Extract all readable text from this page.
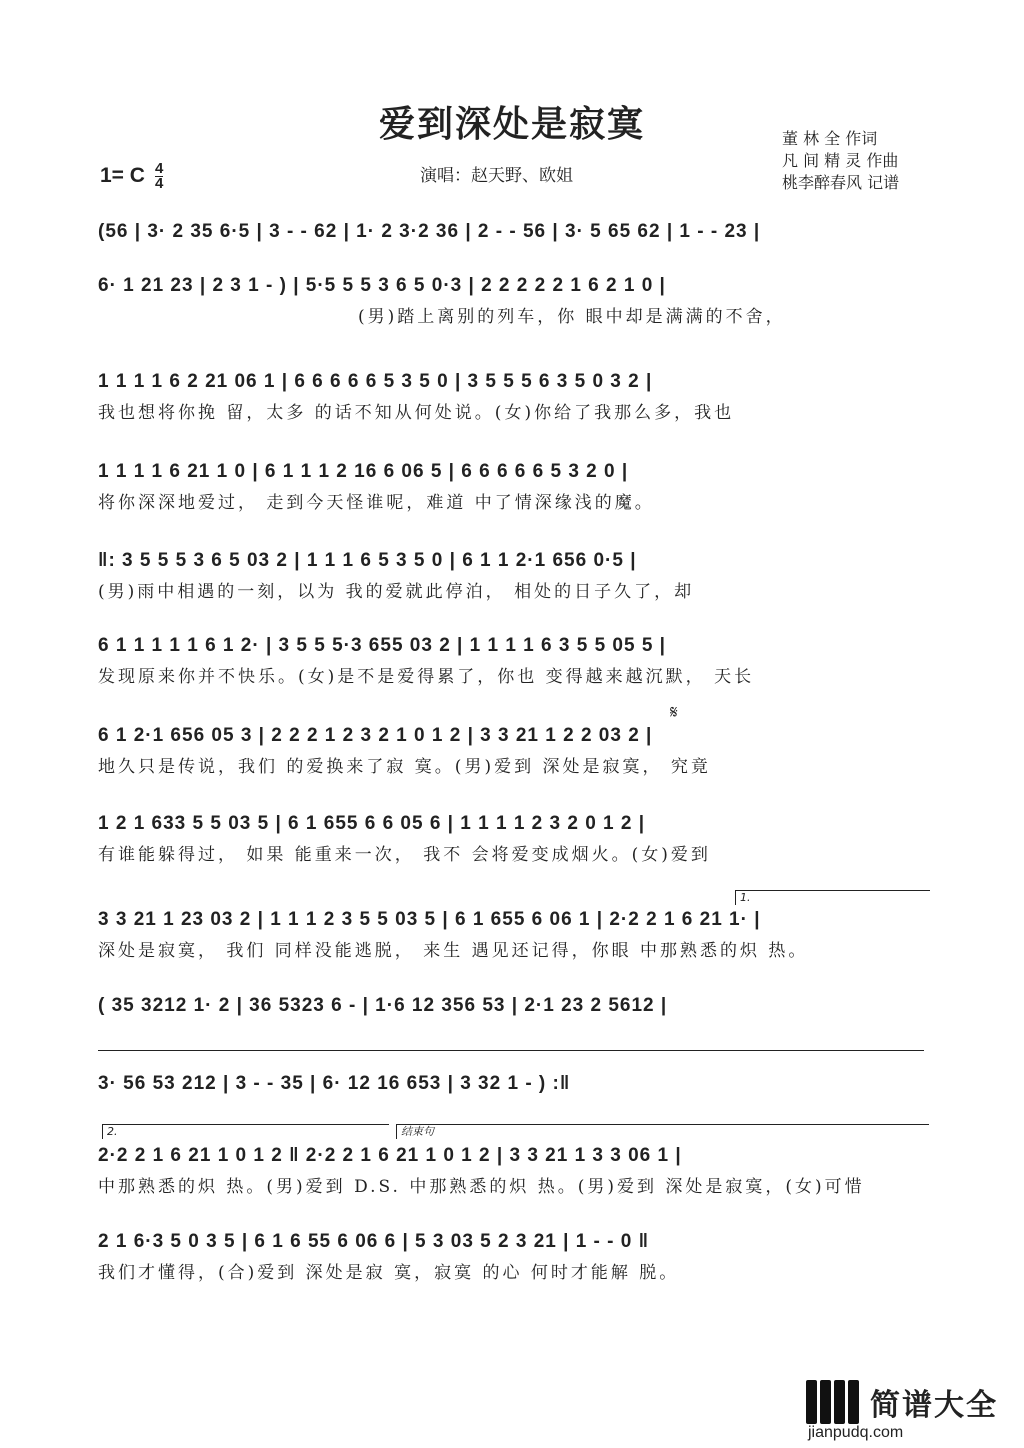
爱到深处是寂寞
1= C 4
4	演唱：赵天野、欧姐
董 林 全 作词
凡 间 精 灵 作曲
桃李醉春风 记谱
(56 | 3· 2 35 6·5 | 3 - - 62 | 1· 2 3·2 36 | 2 - - 56 | 3· 5 65 62 | 1 - - 23 |
6· 1 21 23 | 2 3 1 - ) | 5·5 5 5 3 6 5 0·3 | 2 2 2 2 2 1 6 2 1 0 |
(男)踏上离别的列车，你 眼中却是满满的不舍，
1 1 1 1 6 2 21 06 1 | 6 6 6 6 6 5 3 5 0 | 3 5 5 5 6 3 5 0 3 2 |
我也想将你挽 留，太多 的话不知从何处说。(女)你给了我那么多，我也
1 1 1 1 6 21 1 0 | 6 1 1 1 2 16 6 06 5 | 6 6 6 6 6 5 3 2 0 |
将你深深地爱过， 走到今天怪谁呢，难道 中了情深缘浅的魔。
‖: 3 5 5 5 3 6 5 03 2 | 1 1 1 6 5 3 5 0 | 6 1 1 2·1 656 0·5 |
(男)雨中相遇的一刻，以为 我的爱就此停泊， 相处的日子久了，却
6 1 1 1 1 1 6 1 2· | 3 5 5 5·3 655 03 2 | 1 1 1 1 6 3 5 5 05 5 |
发现原来你并不快乐。(女)是不是爱得累了，你也 变得越来越沉默， 天长
𝄋
6 1 2·1 656 05 3 | 2 2 2 1 2 3 2 1 0 1 2 | 3 3 21 1 2 2 03 2 |
地久只是传说，我们 的爱换来了寂 寞。(男)爱到 深处是寂寞， 究竟
1 2 1 633 5 5 03 5 | 6 1 655 6 6 05 6 | 1 1 1 1 2 3 2 0 1 2 |
有谁能躲得过， 如果 能重来一次， 我不 会将爱变成烟火。(女)爱到
1.
3 3 21 1 23 03 2 | 1 1 1 2 3 5 5 03 5 | 6 1 655 6 06 1 | 2·2 2 1 6 21 1· |
深处是寂寞， 我们 同样没能逃脱， 来生 遇见还记得，你眼 中那熟悉的炽 热。
( 35 3212 1· 2 | 36 5323 6 - | 1·6 12 356 53 | 2·1 23 2 5612 |
3· 56 53 212 | 3 - - 35 | 6· 12 16 653 | 3 32 1 - ) :‖
2.	结束句
2·2 2 1 6 21 1 0 1 2 ‖ 2·2 2 1 6 21 1 0 1 2 | 3 3 21 1 3 3 06 1 |
中那熟悉的炽 热。(男)爱到 D.S. 中那熟悉的炽 热。(男)爱到 深处是寂寞，(女)可惜
2 1 6·3 5 0 3 5 | 6 1 6 55 6 06 6 | 5 3 03 5 2 3 21 | 1 - - 0 ‖
我们才懂得，(合)爱到 深处是寂 寞，寂寞 的心 何时才能解 脱。
简谱大全
jianpudq.com
